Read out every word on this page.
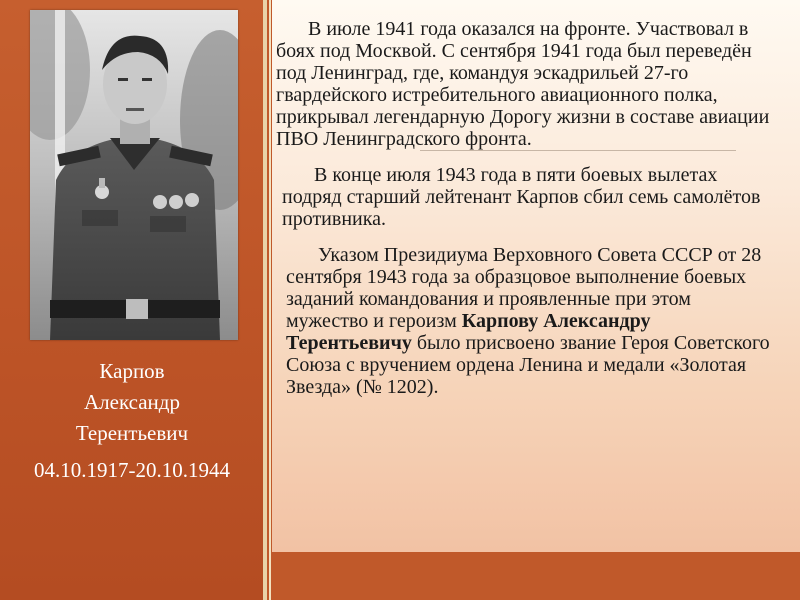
Карпов
Александр
Терентьевич
04.10.1917-20.10.1944

В июле 1941 года оказался на фронте. Участвовал в боях под Москвой. С сентября 1941 года был переведён под Ленинград, где, командуя эскадрильей 27-го гвардейского истребительного авиационного полка, прикрывал легендарную Дорогу жизни в составе авиации ПВО Ленинградского фронта.

В конце июля 1943 года в пяти боевых вылетах подряд старший лейтенант Карпов сбил семь самолётов противника.

Указом Президиума Верховного Совета СССР от 28 сентября 1943 года за образцовое выполнение боевых заданий командования и проявленные при этом мужество и героизм Карпову Александру Терентьевичу было присвоено звание Героя Советского Союза с вручением ордена Ленина и медали «Золотая Звезда» (№ 1202).
